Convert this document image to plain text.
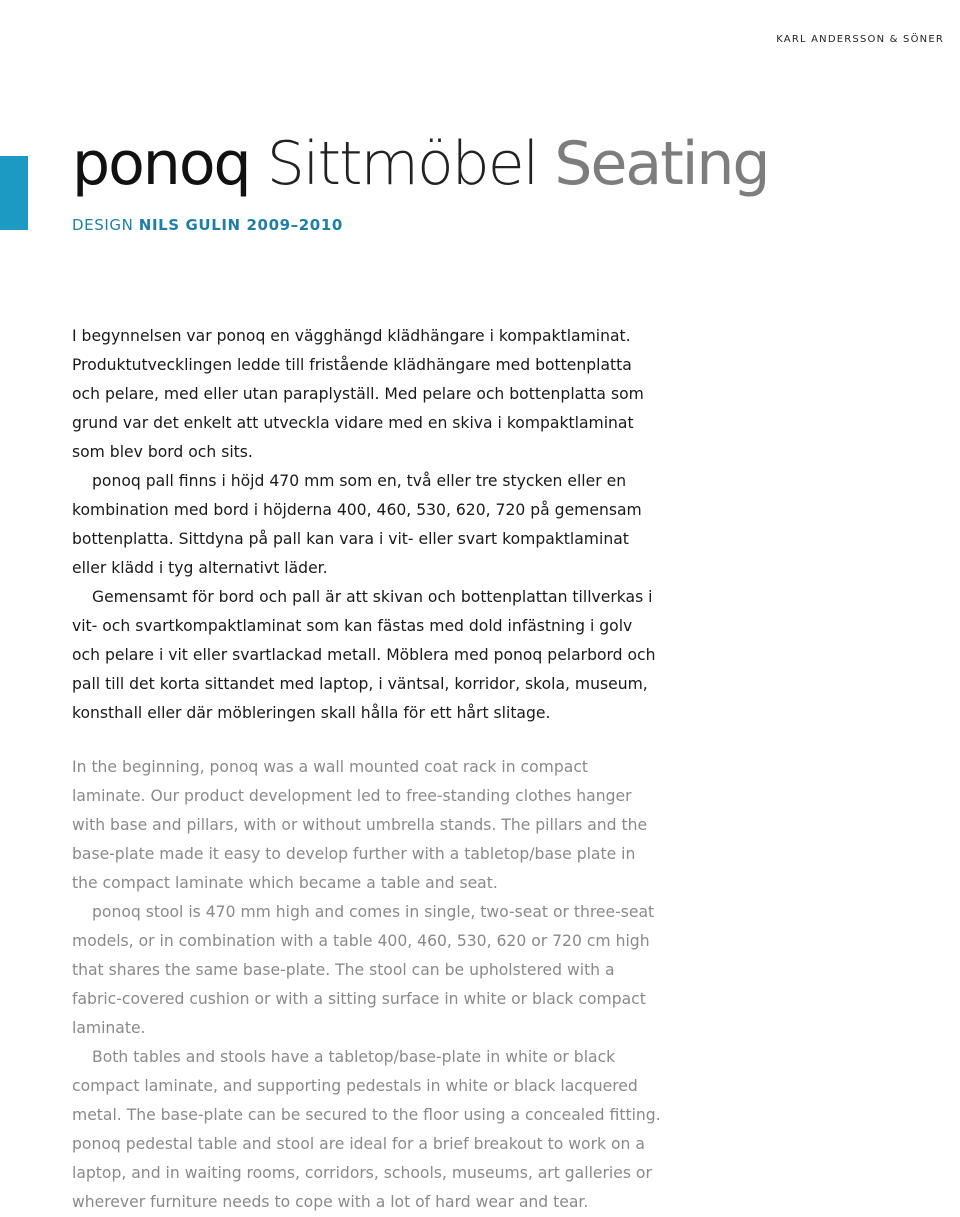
KARL ANDERSSON & SÖNER
ponoq Sittmöbel Seating
DESIGN NILS GULIN 2009–2010

I begynnelsen var ponoq en vägghängd klädhängare i kompaktlaminat. Produktutvecklingen ledde till fristående klädhängare med bottenplatta och pelare, med eller utan paraplyställ. Med pelare och bottenplatta som grund var det enkelt att utveckla vidare med en skiva i kompaktlaminat som blev bord och sits.

ponoq pall finns i höjd 470 mm som en, två eller tre stycken eller en kombination med bord i höjderna 400, 460, 530, 620, 720 på gemensam bottenplatta. Sittdyna på pall kan vara i vit- eller svart kompaktlaminat eller klädd i tyg alternativt läder.

Gemensamt för bord och pall är att skivan och bottenplattan tillverkas i vit- och svartkompaktlaminat som kan fästas med dold infästning i golv och pelare i vit eller svartlackad metall. Möblera med ponoq pelarbord och pall till det korta sittandet med laptop, i väntsal, korridor, skola, museum, konsthall eller där möbleringen skall hålla för ett hårt slitage.

In the beginning, ponoq was a wall mounted coat rack in compact laminate. Our product development led to free-standing clothes hanger with base and pillars, with or without umbrella stands. The pillars and the base-plate made it easy to develop further with a tabletop/base plate in the compact laminate which became a table and seat.

ponoq stool is 470 mm high and comes in single, two-seat or three-seat models, or in combination with a table 400, 460, 530, 620 or 720 cm high that shares the same base-plate. The stool can be upholstered with a fabric-covered cushion or with a sitting surface in white or black compact laminate.

Both tables and stools have a tabletop/base-plate in white or black compact laminate, and supporting pedestals in white or black lacquered metal. The base-plate can be secured to the floor using a concealed fitting. ponoq pedestal table and stool are ideal for a brief breakout to work on a laptop, and in waiting rooms, corridors, schools, museums, art galleries or wherever furniture needs to cope with a lot of hard wear and tear.
